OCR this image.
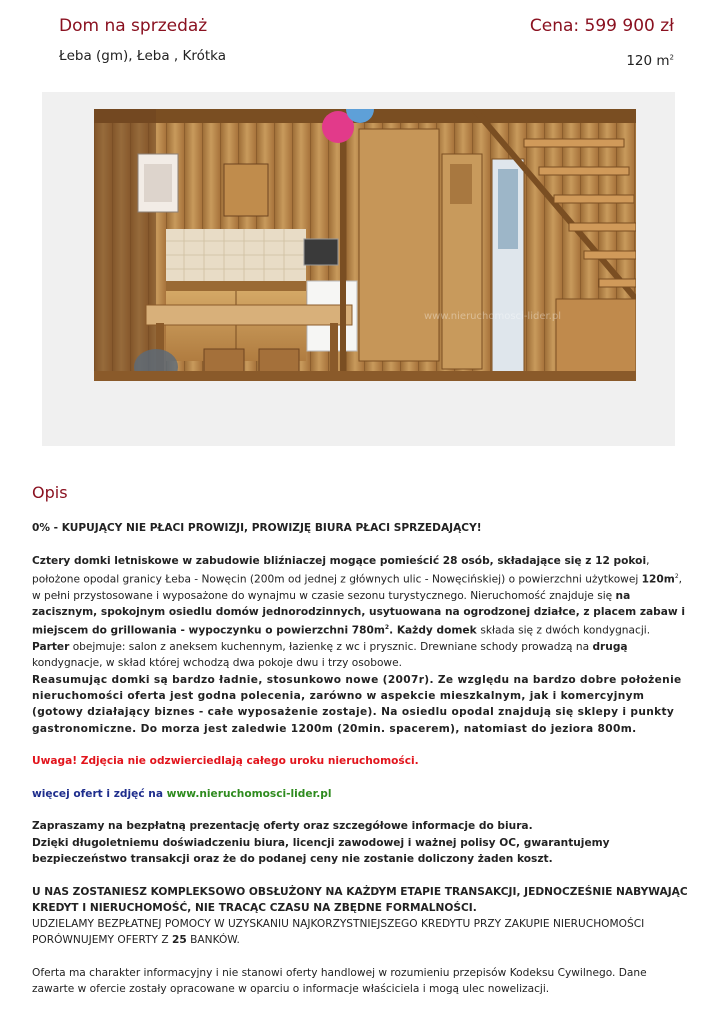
Dom na sprzedaż	Cena: 599 900 zł
Łeba (gm), Łeba , Krótka	120 $m^2$
www.nieruchomosci-lider.pl
Opis

0% - KUPUJĄCY NIE PŁACI PROWIZJI, PROWIZJĘ BIURA PŁACI SPRZEDAJĄCY!

Cztery domki letniskowe w zabudowie bliźniaczej mogące pomieścić 28 osób, składające się z 12 pokoi, położone opodal granicy Łeba - Nowęcin (200m od jednej z głównych ulic - Nowęcińskiej) o powierzchni użytkowej $120m^2$, w pełni przystosowane i wyposażone do wynajmu w czasie sezonu turystycznego. Nieruchomość znajduje się na zacisznym, spokojnym osiedlu domów jednorodzinnych, usytuowana na ogrodzonej działce, z placem zabaw i miejscem do grillowania - wypoczynku o powierzchni $780m^2$. Każdy domek składa się z dwóch kondygnacji.

Parter obejmuje: salon z aneksem kuchennym, łazienkę z wc i prysznic. Drewniane schody prowadzą na drugą kondygnacje, w skład której wchodzą dwa pokoje dwu i trzy osobowe.

Reasumując domki są bardzo ładnie, stosunkowo nowe (2007r). Ze względu na bardzo dobre położenie nieruchomości oferta jest godna polecenia, zarówno w aspekcie mieszkalnym, jak i komercyjnym (gotowy działający biznes - całe wyposażenie zostaje). Na osiedlu opodal znajdują się sklepy i punkty gastronomiczne. Do morza jest zaledwie 1200m (20min. spacerem), natomiast do jeziora 800m.

Uwaga! Zdjęcia nie odzwierciedlają całego uroku nieruchomości.

więcej ofert i zdjęć na www.nieruchomosci-lider.pl

Zapraszamy na bezpłatną prezentację oferty oraz szczegółowe informacje do biura.

Dzięki długoletniemu doświadczeniu biura, licencji zawodowej i ważnej polisy OC, gwarantujemy bezpieczeństwo transakcji oraz że do podanej ceny nie zostanie doliczony żaden koszt.

U NAS ZOSTANIESZ KOMPLEKSOWO OBSŁUŻONY NA KAŻDYM ETAPIE TRANSAKCJI, JEDNOCZEŚNIE NABYWAJĄC KREDYT I NIERUCHOMOŚĆ, NIE TRACĄC CZASU NA ZBĘDNE FORMALNOŚCI.

UDZIELAMY BEZPŁATNEJ POMOCY W UZYSKANIU NAJKORZYSTNIEJSZEGO KREDYTU PRZY ZAKUPIE NIERUCHOMOŚCI

PORÓWNUJEMY OFERTY Z 25 BANKÓW.

Oferta ma charakter informacyjny i nie stanowi oferty handlowej w rozumieniu przepisów Kodeksu Cywilnego. Dane zawarte w ofercie zostały opracowane w oparciu o informacje właściciela i mogą ulec nowelizacji.
